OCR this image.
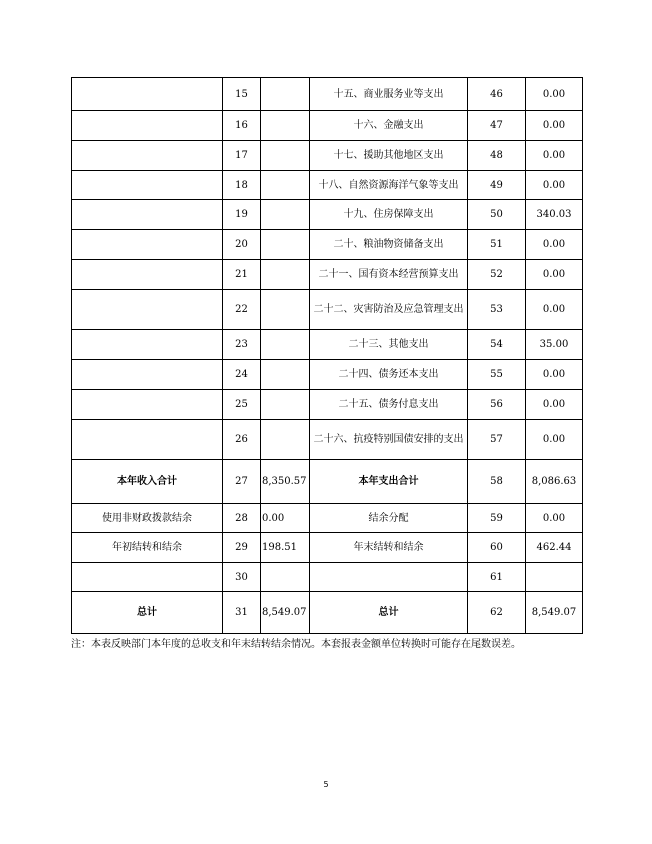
	15		十五、商业服务业等支出	46	0.00
	16		十六、金融支出	47	0.00
	17		十七、援助其他地区支出	48	0.00
	18		十八、自然资源海洋气象等支出	49	0.00
	19		十九、住房保障支出	50	340.03
	20		二十、粮油物资储备支出	51	0.00
	21		二十一、国有资本经营预算支出	52	0.00
	22		二十二、灾害防治及应急管理支出	53	0.00
	23		二十三、其他支出	54	35.00
	24		二十四、债务还本支出	55	0.00
	25		二十五、债务付息支出	56	0.00
	26		二十六、抗疫特别国债安排的支出	57	0.00
本年收入合计	27	8,350.57	本年支出合计	58	8,086.63
使用非财政拨款结余	28	0.00	结余分配	59	0.00
年初结转和结余	29	198.51	年末结转和结余	60	462.44
	30			61	
总计	31	8,549.07	总计	62	8,549.07
注：本表反映部门本年度的总收支和年末结转结余情况。本套报表金额单位转换时可能存在尾数误差。
5
